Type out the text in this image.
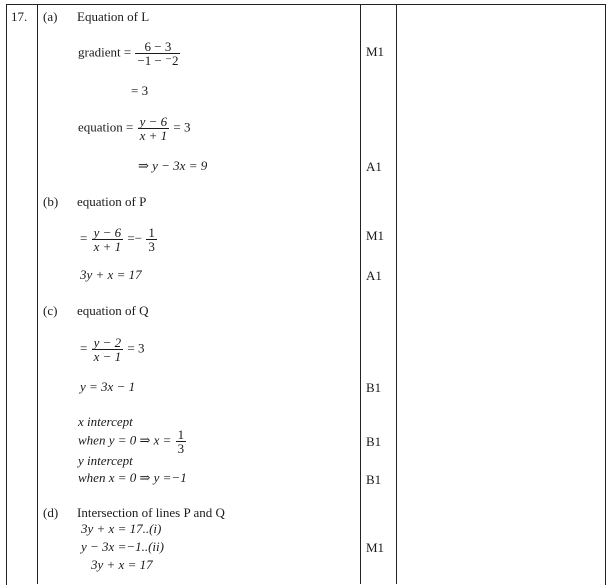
17. (a) Equation of L
gradient = $\frac{6 - 3}{-1 - ^-2}$	M1
= 3
equation = $\frac{y - 6}{x + 1} = 3$
⇒ y − 3x = 9	A1
(b) equation of P
= $\frac{y - 6}{x + 1} =- \frac{1}{3}$	M1
3y + x = 17	A1
(c) equation of Q
= $\frac{y - 2}{x - 1} = 3$
y = 3x − 1	B1
x intercept
when y = 0 ⇒ $x = \frac{1}{3}$	B1
y intercept
when x = 0 ⇒ y =−1	B1
(d) Intersection of lines P and Q
3y + x = 17..(i)
y − 3x =−1..(ii)	M1
3y + x = 17
